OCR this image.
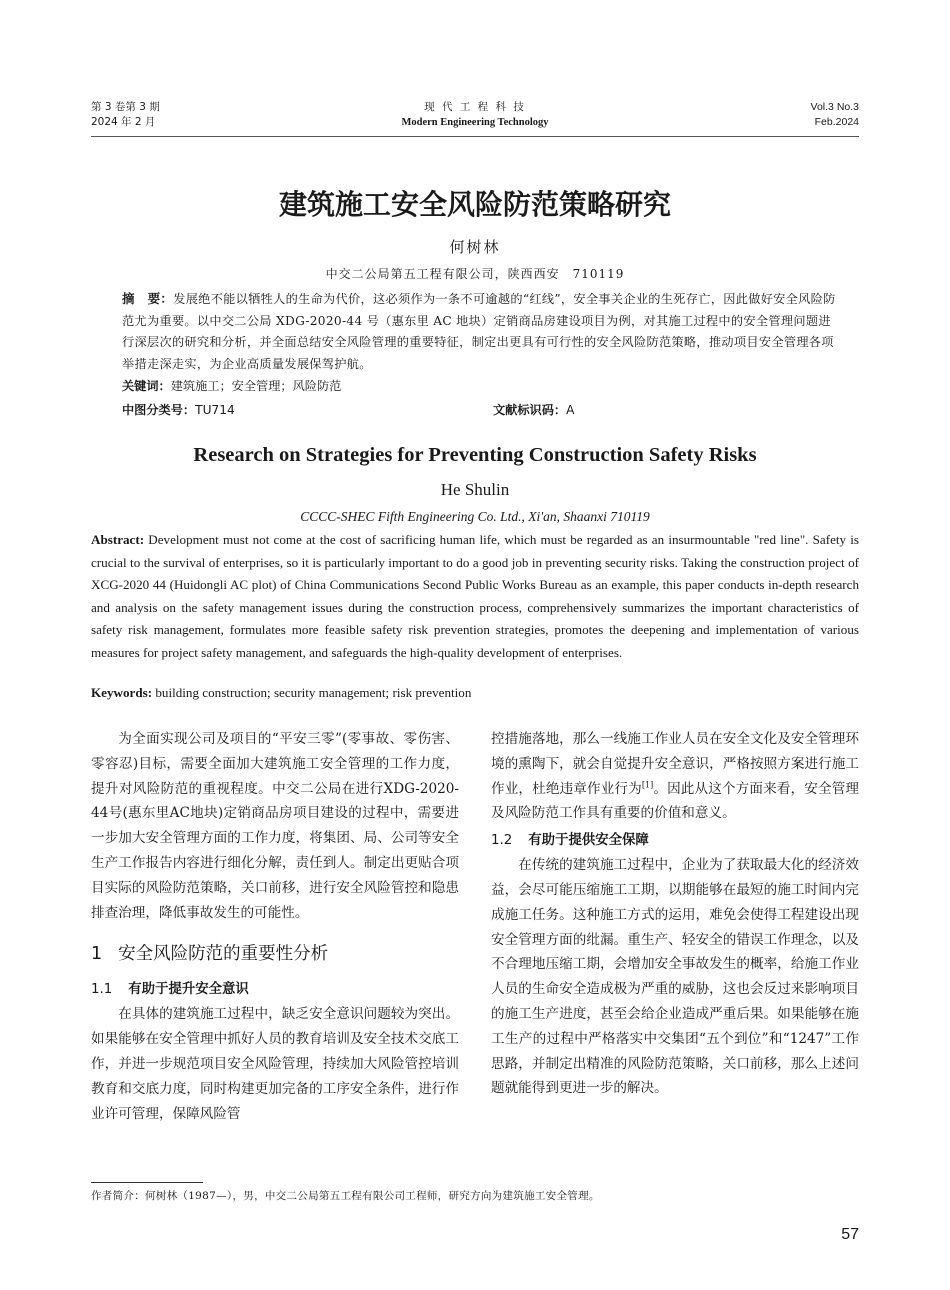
第 3 卷第 3 期
2024 年 2 月
现 代 工 程 科 技
Modern Engineering Technology
Vol.3 No.3
Feb.2024
建筑施工安全风险防范策略研究
何树林
中交二公局第五工程有限公司，陕西西安　710119
摘　要：发展绝不能以牺牲人的生命为代价，这必须作为一条不可逾越的“红线”，安全事关企业的生死存亡，因此做好安全风险防范尤为重要。以中交二公局 XDG-2020-44 号（惠东里 AC 地块）定销商品房建设项目为例，对其施工过程中的安全管理问题进行深层次的研究和分析，并全面总结安全风险管理的重要特征，制定出更具有可行性的安全风险防范策略，推动项目安全管理各项举措走深走实，为企业高质量发展保驾护航。
关键词：建筑施工；安全管理；风险防范
中图分类号：TU714	文献标识码：A
Research on Strategies for Preventing Construction Safety Risks
He Shulin
CCCC-SHEC Fifth Engineering Co. Ltd., Xi'an, Shaanxi 710119
Abstract: Development must not come at the cost of sacrificing human life, which must be regarded as an insurmountable "red line". Safety is crucial to the survival of enterprises, so it is particularly important to do a good job in preventing security risks. Taking the construction project of XCG-2020 44 (Huidongli AC plot) of China Communications Second Public Works Bureau as an example, this paper conducts in-depth research and analysis on the safety management issues during the construction process, comprehensively summarizes the important characteristics of safety risk management, formulates more feasible safety risk prevention strategies, promotes the deepening and implementation of various measures for project safety management, and safeguards the high-quality development of enterprises.
Keywords: building construction; security management; risk prevention

为全面实现公司及项目的“平安三零”(零事故、零伤害、零容忍)目标，需要全面加大建筑施工安全管理的工作力度，提升对风险防范的重视程度。中交二公局在进行XDG-2020-44号(惠东里AC地块)定销商品房项目建设的过程中，需要进一步加大安全管理方面的工作力度，将集团、局、公司等安全生产工作报告内容进行细化分解，责任到人。制定出更贴合项目实际的风险防范策略，关口前移，进行安全风险管控和隐患排查治理，降低事故发生的可能性。

1 安全风险防范的重要性分析
1.1 有助于提升安全意识

在具体的建筑施工过程中，缺乏安全意识问题较为突出。如果能够在安全管理中抓好人员的教育培训及安全技术交底工作，并进一步规范项目安全风险管理，持续加大风险管控培训教育和交底力度，同时构建更加完备的工序安全条件，进行作业许可管理，保障风险管

控措施落地，那么一线施工作业人员在安全文化及安全管理环境的熏陶下，就会自觉提升安全意识，严格按照方案进行施工作业，杜绝违章作业行为[1]。因此从这个方面来看，安全管理及风险防范工作具有重要的价值和意义。

1.2 有助于提供安全保障

在传统的建筑施工过程中，企业为了获取最大化的经济效益，会尽可能压缩施工工期，以期能够在最短的施工时间内完成施工任务。这种施工方式的运用，难免会使得工程建设出现安全管理方面的纰漏。重生产、轻安全的错误工作理念，以及不合理地压缩工期，会增加安全事故发生的概率，给施工作业人员的生命安全造成极为严重的威胁，这也会反过来影响项目的施工生产进度，甚至会给企业造成严重后果。如果能够在施工生产的过程中严格落实中交集团“五个到位”和“1247”工作思路，并制定出精准的风险防范策略，关口前移，那么上述问题就能得到更进一步的解决。

作者简介：何树林（1987—），男，中交二公局第五工程有限公司工程师，研究方向为建筑施工安全管理。
57
